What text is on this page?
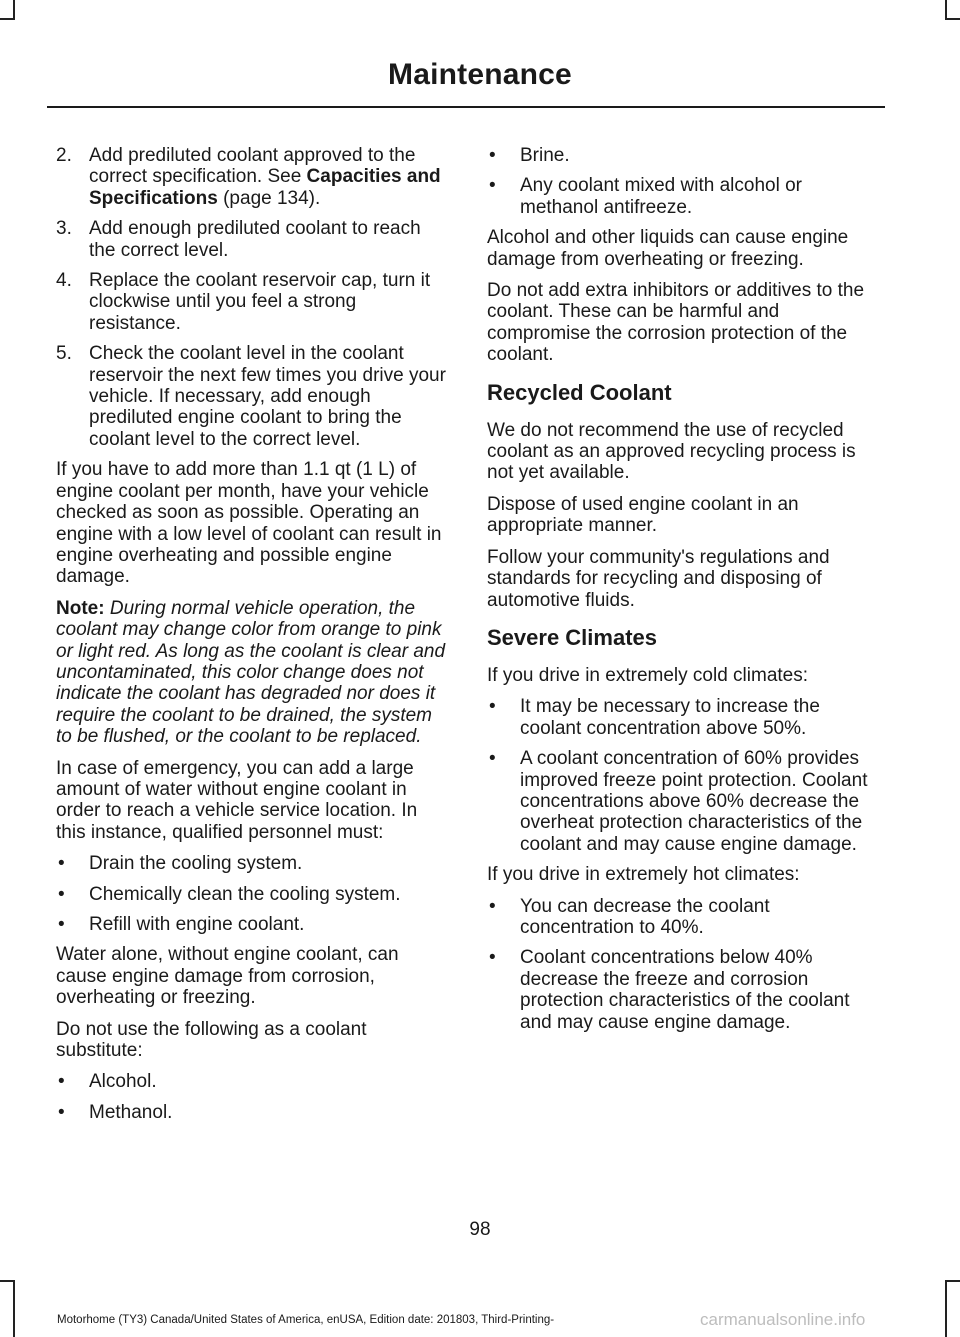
Maintenance
2. Add prediluted coolant approved to the correct specification. See Capacities and Specifications (page 134).
3. Add enough prediluted coolant to reach the correct level.
4. Replace the coolant reservoir cap, turn it clockwise until you feel a strong resistance.
5. Check the coolant level in the coolant reservoir the next few times you drive your vehicle. If necessary, add enough prediluted engine coolant to bring the coolant level to the correct level.

If you have to add more than 1.1 qt (1 L) of engine coolant per month, have your vehicle checked as soon as possible. Operating an engine with a low level of coolant can result in engine overheating and possible engine damage.

Note: During normal vehicle operation, the coolant may change color from orange to pink or light red. As long as the coolant is clear and uncontaminated, this color change does not indicate the coolant has degraded nor does it require the coolant to be drained, the system to be flushed, or the coolant to be replaced.

In case of emergency, you can add a large amount of water without engine coolant in order to reach a vehicle service location. In this instance, qualified personnel must:

• Drain the cooling system.
• Chemically clean the cooling system.
• Refill with engine coolant.

Water alone, without engine coolant, can cause engine damage from corrosion, overheating or freezing.

Do not use the following as a coolant substitute:

• Alcohol.
• Methanol.
• Brine.
• Any coolant mixed with alcohol or methanol antifreeze.

Alcohol and other liquids can cause engine damage from overheating or freezing.

Do not add extra inhibitors or additives to the coolant. These can be harmful and compromise the corrosion protection of the coolant.

Recycled Coolant

We do not recommend the use of recycled coolant as an approved recycling process is not yet available.

Dispose of used engine coolant in an appropriate manner.

Follow your community's regulations and standards for recycling and disposing of automotive fluids.

Severe Climates

If you drive in extremely cold climates:

• It may be necessary to increase the coolant concentration above 50%.
• A coolant concentration of 60% provides improved freeze point protection. Coolant concentrations above 60% decrease the overheat protection characteristics of the coolant and may cause engine damage.

If you drive in extremely hot climates:

• You can decrease the coolant concentration to 40%.
• Coolant concentrations below 40% decrease the freeze and corrosion protection characteristics of the coolant and may cause engine damage.
98
Motorhome (TY3) Canada/United States of America, enUSA, Edition date: 201803, Third-Printing-	carmanualsonline.info
